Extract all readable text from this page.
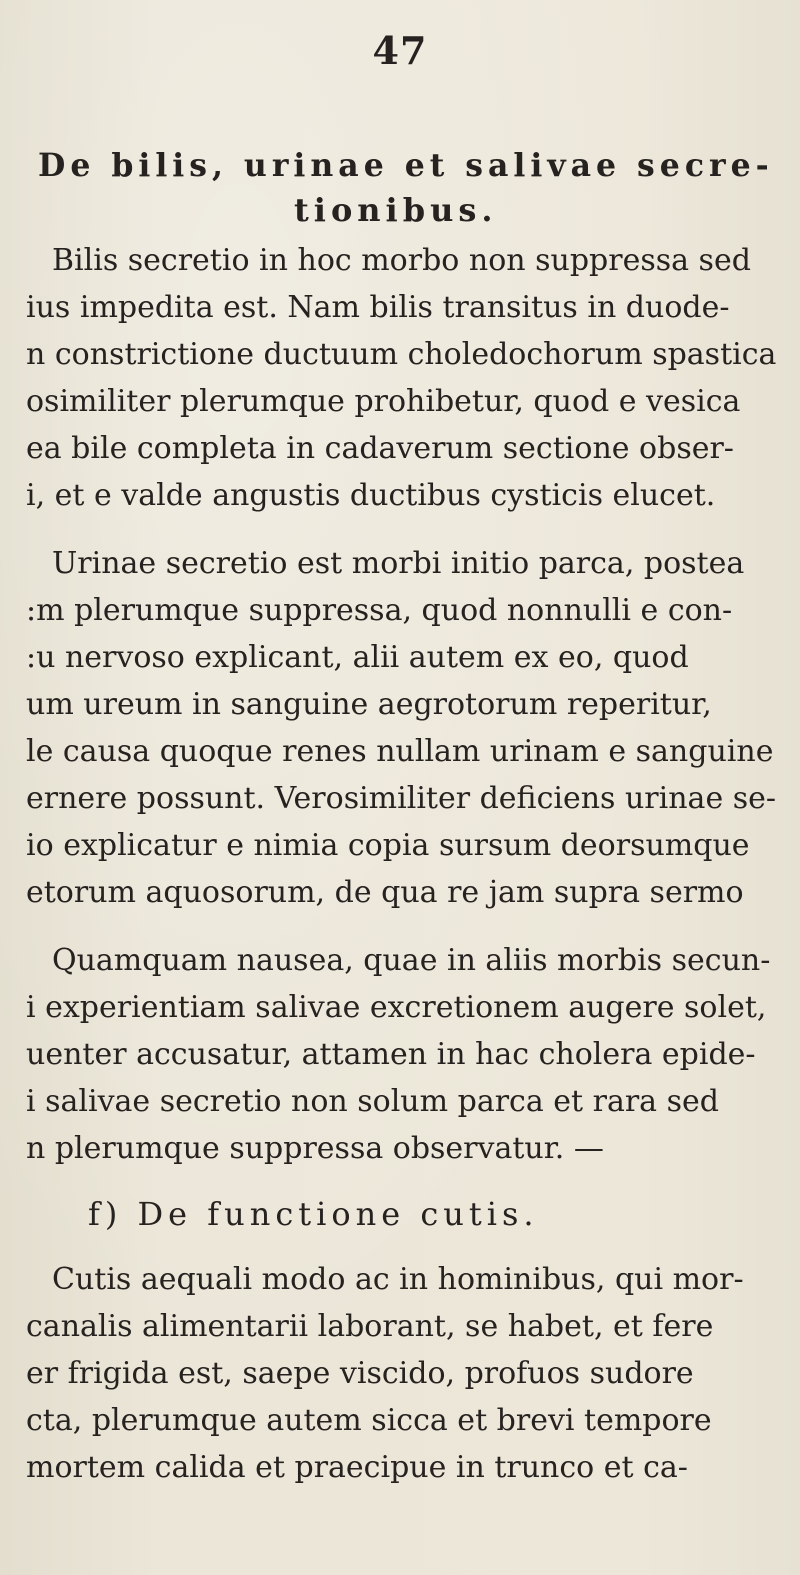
47
De bilis, urinae et salivae secre-
tionibus.
Bilis secretio in hoc morbo non suppressa sed
ius impedita est. Nam bilis transitus in duode-
n constrictione ductuum choledochorum spastica
osimiliter plerumque prohibetur, quod e vesica
ea bile completa in cadaverum sectione obser-
i, et e valde angustis ductibus cysticis elucet.
Urinae secretio est morbi initio parca, postea
:m plerumque suppressa, quod nonnulli e con-
:u nervoso explicant, alii autem ex eo, quod
um ureum in sanguine aegrotorum reperitur,
le causa quoque renes nullam urinam e sanguine
ernere possunt. Verosimiliter deficiens urinae se-
io explicatur e nimia copia sursum deorsumque
etorum aquosorum, de qua re jam supra sermo
Quamquam nausea, quae in aliis morbis secun-
i experientiam salivae excretionem augere solet,
uenter accusatur, attamen in hac cholera epide-
i salivae secretio non solum parca et rara sed
n plerumque suppressa observatur. —
f) De functione cutis.
Cutis aequali modo ac in hominibus, qui mor-
canalis alimentarii laborant, se habet, et fere
er frigida est, saepe viscido, profuos sudore
cta, plerumque autem sicca et brevi tempore
mortem calida et praecipue in trunco et ca-
